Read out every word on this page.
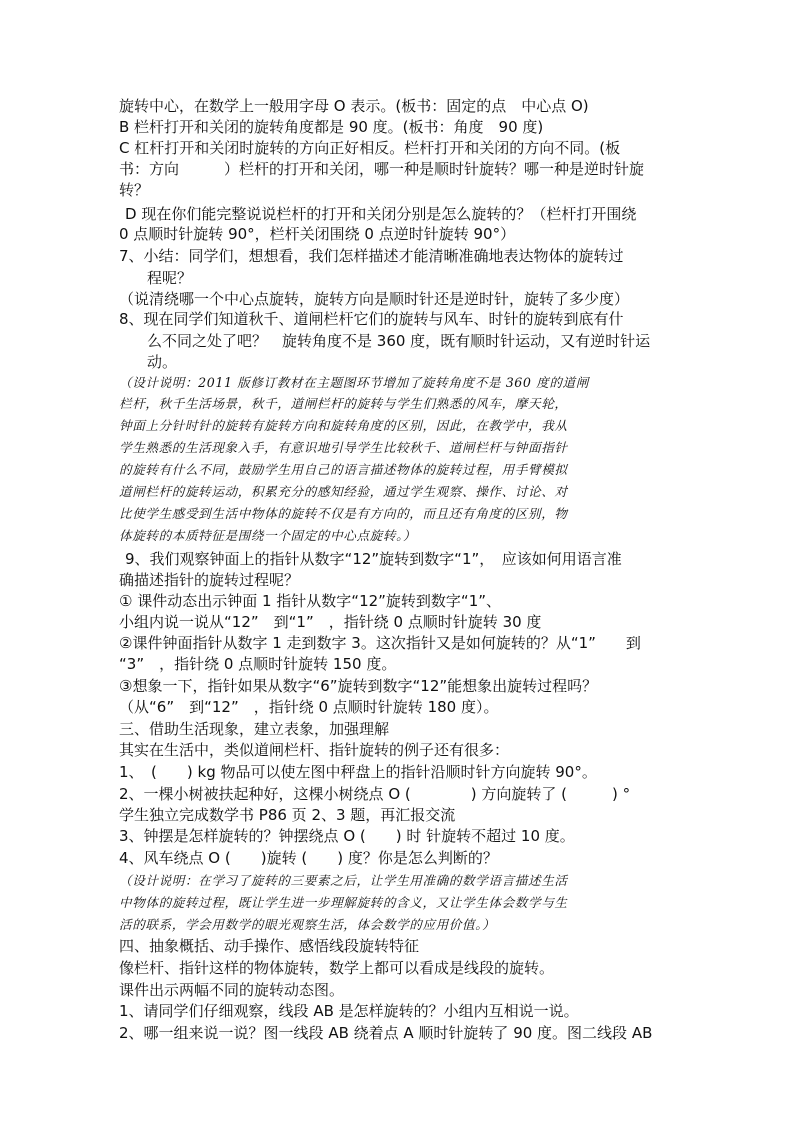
旋转中心，在数学上一般用字母 O 表示。(板书：固定的点　中心点 O)
B 栏杆打开和关闭的旋转角度都是 90 度。(板书：角度　90 度)
C 杠杆打开和关闭时旋转的方向正好相反。栏杆打开和关闭的方向不同。(板
书：方向　　　）栏杆的打开和关闭，哪一种是顺时针旋转？哪一种是逆时针旋
转？
D 现在你们能完整说说栏杆的打开和关闭分别是怎么旋转的？（栏杆打开围绕
0 点顺时针旋转 90°，栏杆关闭围绕 0 点逆时针旋转 90°）
7、小结：同学们，想想看，我们怎样描述才能清晰准确地表达物体的旋转过
程呢？
（说清绕哪一个中心点旋转，旋转方向是顺时针还是逆时针，旋转了多少度）
8、现在同学们知道秋千、道闸栏杆它们的旋转与风车、时针的旋转到底有什
么不同之处了吧？　旋转角度不是 360 度，既有顺时针运动，又有逆时针运
动。
（设计说明：2011 版修订教材在主题图环节增加了旋转角度不是 360 度的道闸
栏杆，秋千生活场景，秋千，道闸栏杆的旋转与学生们熟悉的风车，摩天轮，
钟面上分针时针的旋转有旋转方向和旋转角度的区别，因此，在教学中，我从
学生熟悉的生活现象入手，有意识地引导学生比较秋千、道闸栏杆与钟面指针
的旋转有什么不同，鼓励学生用自己的语言描述物体的旋转过程，用手臂模拟
道闸栏杆的旋转运动，积累充分的感知经验，通过学生观察、操作、讨论、对
比使学生感受到生活中物体的旋转不仅是有方向的，而且还有角度的区别，物
体旋转的本质特征是围绕一个固定的中心点旋转。）
9、我们观察钟面上的指针从数字“12”旋转到数字“1”，　应该如何用语言准
确描述指针的旋转过程呢？
① 课件动态出示钟面 1 指针从数字“12”旋转到数字“1”、
小组内说一说从“12”　到“1”　，指针绕 0 点顺时针旋转 30 度
②课件钟面指针从数字 1 走到数字 3。这次指针又是如何旋转的？从“1”　　到
“3”　，指针绕 0 点顺时针旋转 150 度。
③想象一下，指针如果从数字“6”旋转到数字“12”能想象出旋转过程吗？
（从“6”　到“12”　，指针绕 0 点顺时针旋转 180 度）。
三、借助生活现象，建立表象，加强理解
其实在生活中，类似道闸栏杆、指针旋转的例子还有很多：
1、　(　　) kg 物品可以使左图中秤盘上的指针沿顺时针方向旋转 90°。
2、一棵小树被扶起种好，这棵小树绕点 O (　　　　) 方向旋转了 (　　　) °
学生独立完成数学书 P86 页 2、3 题，再汇报交流
3、钟摆是怎样旋转的？钟摆绕点 O (　　) 时 针旋转不超过 10 度。
4、风车绕点 O (　　)旋转 (　　) 度？你是怎么判断的？
（设计说明：在学习了旋转的三要素之后，让学生用准确的数学语言描述生活
中物体的旋转过程，既让学生进一步理解旋转的含义，又让学生体会数学与生
活的联系，学会用数学的眼光观察生活，体会数学的应用价值。）
四、抽象概括、动手操作、感悟线段旋转特征
像栏杆、指针这样的物体旋转，数学上都可以看成是线段的旋转。
课件出示两幅不同的旋转动态图。
1、请同学们仔细观察，线段 AB 是怎样旋转的？小组内互相说一说。
2、哪一组来说一说？图一线段 AB 绕着点 A 顺时针旋转了 90 度。图二线段 AB
